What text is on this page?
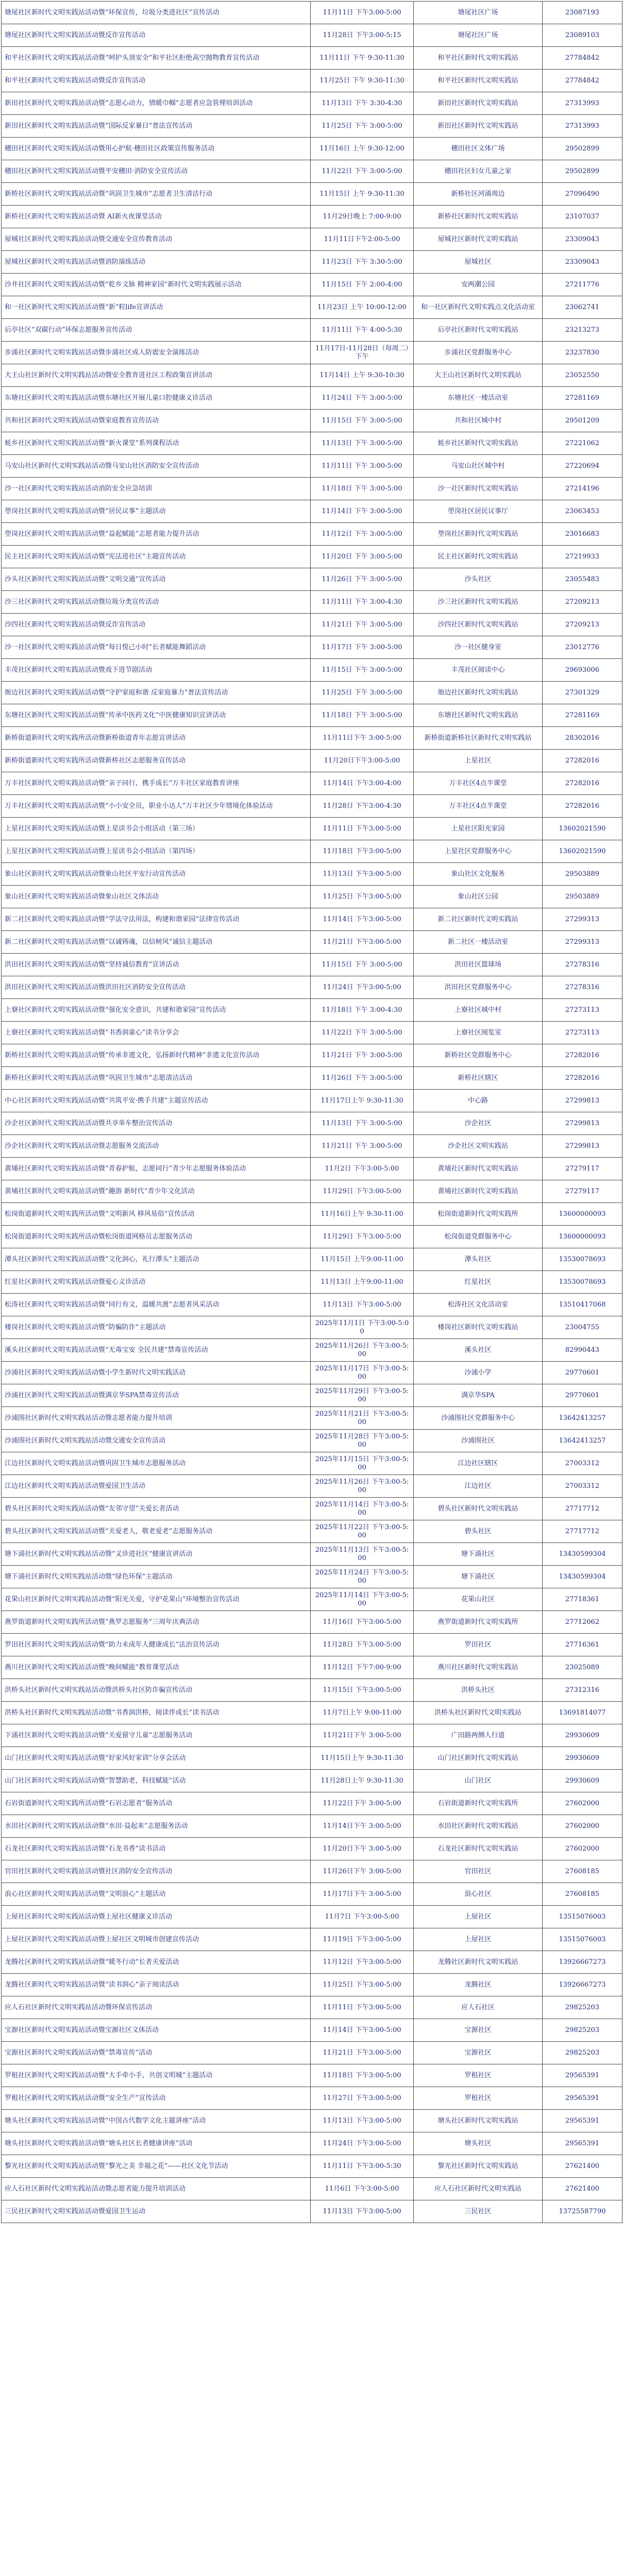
塘尾社区新时代文明实践站活动暨“环保宣传，垃圾分类进社区”宣传活动	11月11日 下午3:00-5:00	塘尾社区广场	23087193
塘尾社区新时代文明实践站活动暨反诈宣传活动	11月28日 下午3:00-5:15	塘尾社区广场	23089103
和平社区新时代文明实践站活动暨“呵护头顶安全”和平社区拒绝高空抛物教育宣传活动	11月11日 下午 9:30-11:30	和平社区新时代文明实践站	27784842
和平社区新时代文明实践站活动暨反诈宣传活动	11月25日 下午 9:30-11:30	和平社区新时代文明实践站	27784842
新田社区新时代文明实践站活动暨“志愿心动力，情暖巾帼”志愿者应急管理培训活动	11月13日 下午 3:30-4:30	新田社区新时代文明实践站	27313993
新田社区新时代文明实践站活动暨“国际反家暴日”普法宣传活动	11月25日 下午 3:00-5:00	新田社区新时代文明实践站	27313993
穗田社区新时代文明实践站活动暨用心护航·穗田社区政策宣传服务活动	11月16日 上午 9:30-12:00	穗田社区文体广场	29502899
穗田社区新时代文明实践站活动暨平安穗田·消防安全宣传活动	11月22日 下午 3:00-5:00	穗田社区妇女儿童之家	29502899
新桥社区新时代文明实践站活动暨“巩固卫生城市”志愿者卫生清洁行动	11月15日 上午 9:30-11:30	新桥社区河涌周边	27096490
新桥社区新时代文明实践站活动暨 AI新火夜课堂活动	11月29日晚上 7:00-9:00	新桥社区新时代文明实践站	23107037
屋城社区新时代文明实践站活动暨交通安全宣传教育活动	11月11日下午2:00-5:00	屋城社区新时代文明实践站	23309043
屋城社区新时代文明实践站活动暨消防演练活动	11月23日 下午 3:30-5:00	屋城社区	23309043
沙井社区新时代文明实践站活动暨“乾乡文脉 精神家园”新时代文明实践展示活动	11月15日 下午 2:00-4:00	安两潮公园	27211776
和一社区新时代文明实践站活动暨“新”粒life宣讲活动	11月23日 上午 10:00-12:00	和一社区新时代文明实践点文化活动室	23062741
后亭社区“双碳行动”环保志愿服务宣传活动	11月11日 下午 4:00-5:30	后亭社区新时代文明实践站	23213273
步涌社区新时代文明实践站活动暨步涌社区成人防震安全演练活动	11月17日-11月28日（每周二）下午	步涌社区党群服务中心	23237830
大王山社区新时代文明实践站活动暨安全教育进社区工程政策宣讲活动	11月14日 上午 9:30-10:30	大王山社区新时代文明实践站	23052550
东塘社区新时代文明实践站活动暨东塘社区开展儿童口腔健康义诊活动	11月24日 下午 3:00-5:00	东塘社区一楼活动室	27281169
共和社区新时代文明实践站活动暨家庭教育宣传活动	11月15日 下午 3:00-5:00	共和社区城中村	29501209
蚝乡社区新时代文明实践站活动暨“新火课堂”系列课程活动	11月13日 下午 3:00-5:00	蚝乡社区新时代文明实践站	27221062
马安山社区新时代文明实践站活动暨马安山社区消防安全宣传活动	11月11日 下午 3:00-5:00	马安山社区城中村	27220694
沙一社区新时代文明实践站活动消防安全应急培训	11月18日 下午 3:00-5:00	沙一社区新时代文明实践站	27214196
壆岗社区新时代文明实践站活动暨“居民议事”主题活动	11月14日 下午 3:00-5:00	壆岗社区居民议事厅	23063453
壆岗社区新时代文明实践站活动暨“益起赋能”志愿者能力提升活动	11月12日 下午 3:00-5:00	壆岗社区新时代文明实践站	23016683
民主社区新时代文明实践站活动暨“宪法进社区”主题宣传活动	11月20日 下午 3:00-5:00	民主社区新时代文明实践站	27219933
沙头社区新时代文明实践站活动暨“文明交通”宣传活动	11月26日 下午 3:00-5:00	沙头社区	23055483
沙三社区新时代文明实践站活动暨垃圾分类宣传活动	11月11日 下午 3:00-4:30	沙三社区新时代文明实践站	27209213
沙四社区新时代文明实践站活动暨反诈宣传活动	11月21日 下午 3:00-5:00	沙四社区新时代文明实践站	27209213
沙一社区新时代文明实践站活动暨“每日悦己小时”长者赋能舞蹈活动	11月17日 下午 3:00-5:00	沙一社区健身室	23012776
丰茂社区新时代文明实践站活动暨戏下进节剧活动	11月15日 下午 3:00-5:00	丰茂社区阅读中心	29693006
衙边社区新时代文明实践站活动暨“守护家庭和谐 反家庭暴力”普法宣传活动	11月25日 下午 3:00-5:00	衙边社区新时代文明实践站	27301329
东塘社区新时代文明实践站活动暨“传承中医药文化”中医健康知识宣讲活动	11月18日 下午 3:00-5:00	东塘社区新时代文明实践站	27281169
新桥街道新时代文明实践所活动暨新桥街道青年志愿宣讲活动	11月11日下午 3:00-5:00	新桥街道新桥社区新时代文明实践站	28302016
新桥街道新时代文明实践所活动暨新桥社区志愿服务宣传活动	11月20日下午3:00-5:00	上星社区	27282016
万丰社区新时代文明实践站活动暨“亲子同行，携手成长”万丰社区家庭教育讲座	11月14日 下午3:00-4:00	万丰社区4点半课堂	27282016
万丰社区新时代文明实践站活动暨“小小安全员，职业小达人”万丰社区少年情境化体验活动	11月28日 下午3:00-4:30	万丰社区4点半课堂	27282016
上星社区新时代文明实践站活动暨上星读书会小组活动（第三场）	11月11日 下午3:00-5:00	上星社区阳光家园	13602021590
上星社区新时代文明实践站活动暨上星读书会小组活动（第四场）	11月18日 下午3:00-5:00	上星社区党群服务中心	13602021590
象山社区新时代文明实践站活动暨象山社区平安行动宣传活动	11月13日 下午3:00-5:00	象山社区文化服务	29503889
象山社区新时代文明实践站活动暨象山社区文体活动	11月25日 下午3:00-5:00	象山社区公园	29503889
新二社区新时代文明实践站活动暨“学法守法用法，构建和谐家园”法律宣传活动	11月14日 下午3:00-5:00	新二社区新时代文明实践站	27299313
新二社区新时代文明实践站活动暨“以诚铸魂，以信树风”诚信主题活动	11月21日 下午3:00-5:00	新二社区一楼活动室	27299313
洪田社区新时代文明实践站活动暨“坚持诚信教育”宣讲活动	11月15日 下午 3:00-5:00	洪田社区篮球场	27278316
洪田社区新时代文明实践站活动暨洪田社区消防安全宣传活动	11月24日 下午3:00-5:00	洪田社区党群服务中心	27278316
上寮社区新时代文明实践站活动暨“强化安全意识，共建和谐家园”宣传活动	11月18日 下午 3:00-4:30	上寮社区城中村	27273113
上寮社区新时代文明实践站活动暨“书香润童心”读书分享会	11月22日 下午 3:00-5:00	上寮社区阅览室	27273113
新桥社区新时代文明实践站活动暨“传承非遗文化，弘扬新时代精神”非遗文化宣传活动	11月21日 下午 3:00-5:00	新桥社区党群服务中心	27282016
新桥社区新时代文明实践站活动暨“巩固卫生城市”志愿清洁活动	11月26日 下午 3:00-5:00	新桥社区辖区	27282016
中心社区新时代文明实践站活动暨“共筑平安·携手共建”主题宣传活动	11月17日上午 9:30-11:30	中心路	27299813
沙企社区新时代文明实践站活动暨共享单车整治宣传活动	11月13日 下午 3:00-5:00	沙企社区	27299813
沙企社区新时代文明实践站活动暨志愿服务交流活动	11月21日 下午 3:00-5:00	沙企社区文明实践站	27299813
黄埔社区新时代文明实践站活动暨“青春护航，志愿同行”青少年志愿服务体验活动	11月2日 下午3:00-5:00	黄埔社区新时代文明实践站	27279117
黄埔社区新时代文明实践站活动暨“趣游 新时代”青少年文化活动	11月29日 下午3:00-5:00	黄埔社区新时代文明实践站	27279117
松岗街道新时代文明实践所活动暨“文明新风 移风易俗”宣传活动	11月16日上午 9:30-11:00	松岗街道新时代文明实践所	13600000093
松岗街道新时代文明实践所活动暨松岗街道网格员志愿服务活动	11月29日 下午3:00-5:00	松岗街道党群服务中心	13600000093
潭头社区新时代文明实践站活动暨“文化润心，礼行潭头”主题活动	11月15日 上午9:00-11:00	潭头社区	13530078693
红星社区新时代文明实践站活动暨爱心义诊活动	11月13日 上午9:00-11:00	红星社区	13530078693
松涛社区新时代文明实践站活动暨“同行有文，温暖共渡”志愿者风采活动	11月13日 下午3:00-5:00	松涛社区文化活动室	13510417068
楼岗社区新时代文明实践站活动暨“防骗防诈”主题活动	2025年11月1日 下午3:00-5:00	楼岗社区新时代文明实践站	23004755
溪头社区新时代文明实践站活动暨“无毒宝安 全民共建”禁毒宣传活动	2025年11月26日 下午3:00-5:00	溪头社区	82990443
沙浦社区新时代文明实践站活动暨小学生新时代文明实践活动	2025年11月17日 下午3:00-5:00	沙浦小学	29770601
沙浦社区新时代文明实践站活动暨满京华SPA禁毒宣传活动	2025年11月29日 下午3:00-5:00	满京华SPA	29770601
沙浦围社区新时代文明实践站活动暨志愿者能力提升培训	2025年11月21日 下午3:00-5:00	沙浦围社区党群服务中心	13642413257
沙浦围社区新时代文明实践站活动暨交通安全宣传活动	2025年11月28日 下午3:00-5:00	沙浦围社区	13642413257
江边社区新时代文明实践站活动暨巩固卫生城市志愿服务活动	2025年11月15日 下午3:00-5:00	江边社区辖区	27003312
江边社区新时代文明实践站活动暨爱国卫生活动	2025年11月26日 下午3:00-5:00	江边社区	27003312
碧头社区新时代文明实践站活动暨“友邻守望”关爱长者活动	2025年11月14日 下午3:00-5:00	碧头社区新时代文明实践站	27717712
碧头社区新时代文明实践站活动暨“关爱老人，敬老爱老”志愿服务活动	2025年11月22日 下午3:00-5:00	碧头社区	27717712
塘下涌社区新时代文明实践站活动暨“义诊进社区”健康宣讲活动	2025年11月13日 下午3:00-5:00	塘下涌社区	13430599304
塘下涌社区新时代文明实践站活动暨“绿色环保”主题活动	2025年11月24日 下午3:00-5:00	塘下涌社区	13430599304
花果山社区新时代文明实践站活动暨“阳光关爱，守护花果山”环境整治宣传活动	2025年11月14日 下午3:00-5:00	花果山社区	27718361
燕罗街道新时代文明实践所活动暨“燕罗志愿服务”三周年庆典活动	11月16日 下午3:00-5:00	燕罗街道新时代文明实践所	27712062
罗田社区新时代文明实践站活动暨“助力未成年人健康成长”法治宣传活动	11月28日 下午3:00-5:00	罗田社区	27716361
燕川社区新时代文明实践站活动暨“晚间赋能”教育课堂活动	11月12日 下午7:00-9:00	燕川社区新时代文明实践站	23025089
洪桥头社区新时代文明实践站活动暨洪桥头社区防诈骗宣传活动	11月15日 下午3:00-5:00	洪桥头社区	27312316
洪桥头社区新时代文明实践站活动暨“书香润洪桥，阅读伴成长”读书活动	11月7日上午 9:00-11:00	洪桥头社区新时代文明实践站	13691814077
下涌社区新时代文明实践站活动暨“关爱留守儿童”志愿服务活动	11月21日下午 3:00-5:00	广田路两侧人行道	29930609
山门社区新时代文明实践站活动暨“好家风好家训”分享会活动	11月15日上午 9:30-11:30	山门社区新时代文明实践站	29930609
山门社区新时代文明实践站活动暨“智慧助老，科技赋能”活动	11月28日上午 9:30-11:30	山门社区	29930609
石岩街道新时代文明实践所活动暨“石岩志愿者”服务活动	11月22日下午 3:00-5:00	石岩街道新时代文明实践所	27602000
水田社区新时代文明实践站活动暨“水田·益起来”志愿服务活动	11月14日下午 3:00-5:00	水田社区新时代文明实践站	27602000
石龙社区新时代文明实践站活动暨“石龙书香”读书活动	11月20日下午 3:00-5:00	石龙社区新时代文明实践站	27602000
官田社区新时代文明实践站活动暨社区消防安全宣传活动	11月26日下午 3:00-5:00	官田社区	27608185
浪心社区新时代文明实践站活动暨“文明浪心”主题活动	11月17日下午 3:00-5:00	浪心社区	27608185
上屋社区新时代文明实践站活动暨上屋社区健康义诊活动	11月7日 下午3:00-5:00	上屋社区	13515076003
上屋社区新时代文明实践站活动暨上屋社区文明城市创建宣传活动	11月19日 下午3:00-5:00	上屋社区	13515076003
龙腾社区新时代文明实践站活动暨“暖冬行动”长者关爱活动	11月12日 下午3:00-5:00	龙腾社区新时代文明实践站	13926667273
龙腾社区新时代文明实践站活动暨“读书润心”亲子阅读活动	11月25日 下午3:00-5:00	龙腾社区	13926667273
应人石社区新时代文明实践站活动暨环保宣传活动	11月11日 下午3:00-5:00	应人石社区	29825203
宝源社区新时代文明实践站活动暨宝源社区文体活动	11月14日 下午3:00-5:00	宝源社区	29825203
宝源社区新时代文明实践站活动暨“禁毒宣传”活动	11月21日 下午3:00-5:00	宝源社区	29825203
罗租社区新时代文明实践站活动暨“大手牵小手，共创文明城”主题活动	11月18日 下午3:00-5:00	罗租社区	29565391
罗租社区新时代文明实践站活动暨“安全生产”宣传活动	11月27日 下午3:00-5:00	罗租社区	29565391
塘头社区新时代文明实践站活动暨“中国古代数学文化主题讲座”活动	11月13日 下午3:00-5:00	塘头社区新时代文明实践站	29565391
塘头社区新时代文明实践站活动暨“塘头社区长者健康讲座”活动	11月24日 下午3:00-5:00	塘头社区	29565391
黎光社区新时代文明实践站活动暨“黎光之美 幸福之花”——社区文化节活动	11月11日 下午3:00-5:30	黎光社区新时代文明实践站	27621400
应人石社区新时代文明实践站活动暨志愿者能力提升培训活动	11月6日 下午3:00-5:00	应人石社区新时代文明实践站	27621400
三民社区新时代文明实践站活动暨爱国卫生运动	11月13日 下午3:00-5:00	三民社区	13725587790
